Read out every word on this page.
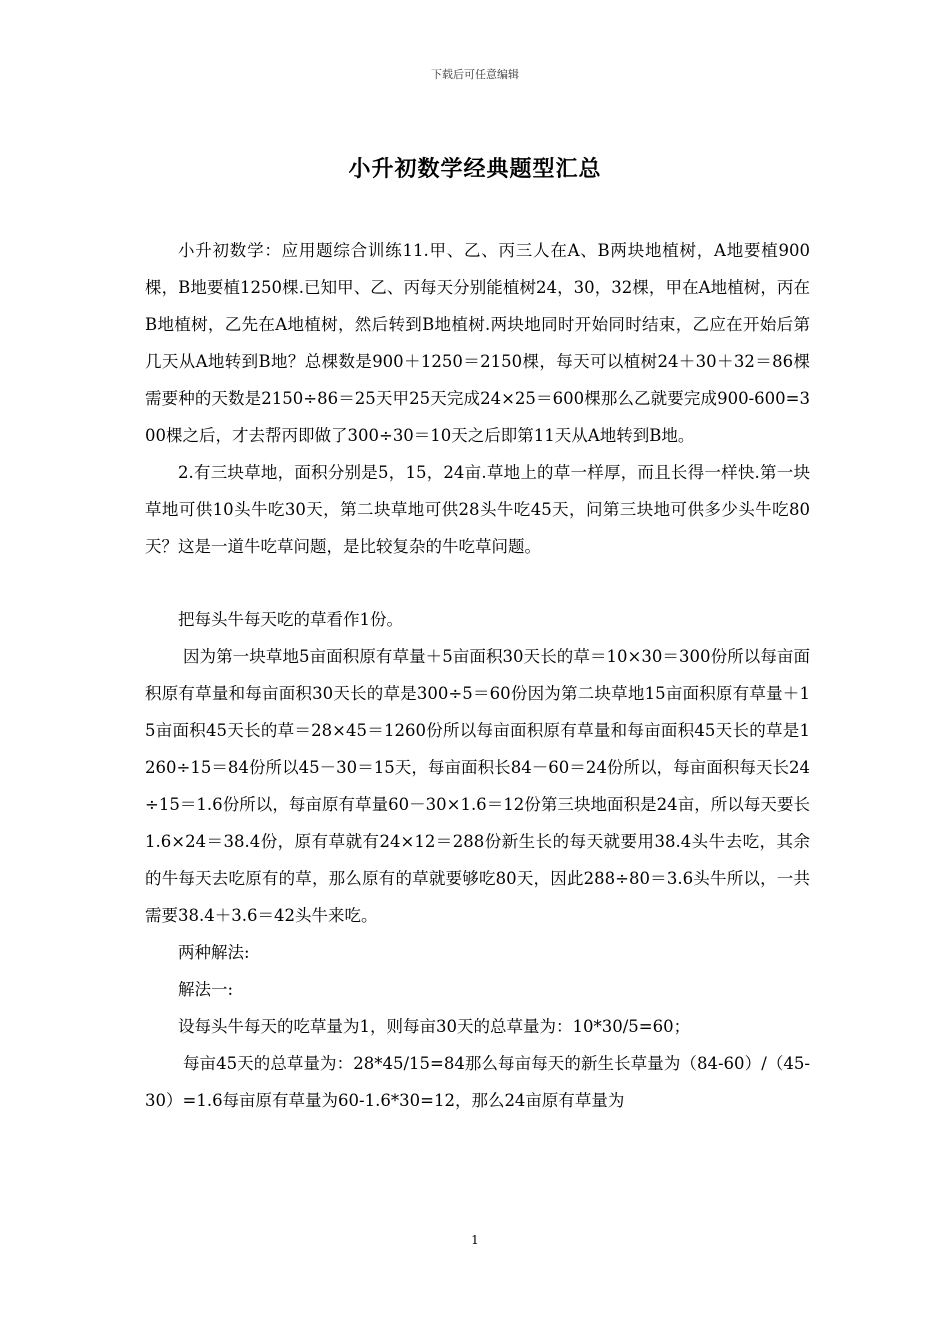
下载后可任意编辑
小升初数学经典题型汇总

小升初数学：应用题综合训练11.甲、乙、丙三人在A、B两块地植树，A地要植900棵，B地要植1250棵.已知甲、乙、丙每天分别能植树24，30，32棵，甲在A地植树，丙在B地植树，乙先在A地植树，然后转到B地植树.两块地同时开始同时结束，乙应在开始后第几天从A地转到B地？总棵数是900＋1250＝2150棵，每天可以植树24＋30＋32＝86棵需要种的天数是2150÷86＝25天甲25天完成24×25＝600棵那么乙就要完成900-600=300棵之后，才去帮丙即做了300÷30＝10天之后即第11天从A地转到B地。

2.有三块草地，面积分别是5，15，24亩.草地上的草一样厚，而且长得一样快.第一块草地可供10头牛吃30天，第二块草地可供28头牛吃45天，问第三块地可供多少头牛吃80天？这是一道牛吃草问题，是比较复杂的牛吃草问题。

把每头牛每天吃的草看作1份。

因为第一块草地5亩面积原有草量＋5亩面积30天长的草＝10×30＝300份所以每亩面积原有草量和每亩面积30天长的草是300÷5＝60份因为第二块草地15亩面积原有草量＋15亩面积45天长的草＝28×45＝1260份所以每亩面积原有草量和每亩面积45天长的草是1260÷15＝84份所以45－30＝15天，每亩面积长84－60＝24份所以，每亩面积每天长24÷15＝1.6份所以，每亩原有草量60－30×1.6＝12份第三块地面积是24亩，所以每天要长1.6×24＝38.4份，原有草就有24×12＝288份新生长的每天就要用38.4头牛去吃，其余的牛每天去吃原有的草，那么原有的草就要够吃80天，因此288÷80＝3.6头牛所以，一共需要38.4＋3.6＝42头牛来吃。

两种解法:

解法一:

设每头牛每天的吃草量为1，则每亩30天的总草量为：10*30/5=60；

每亩45天的总草量为：28*45/15=84那么每亩每天的新生长草量为（84-60）/（45-30）=1.6每亩原有草量为60-1.6*30=12，那么24亩原有草量为

1
